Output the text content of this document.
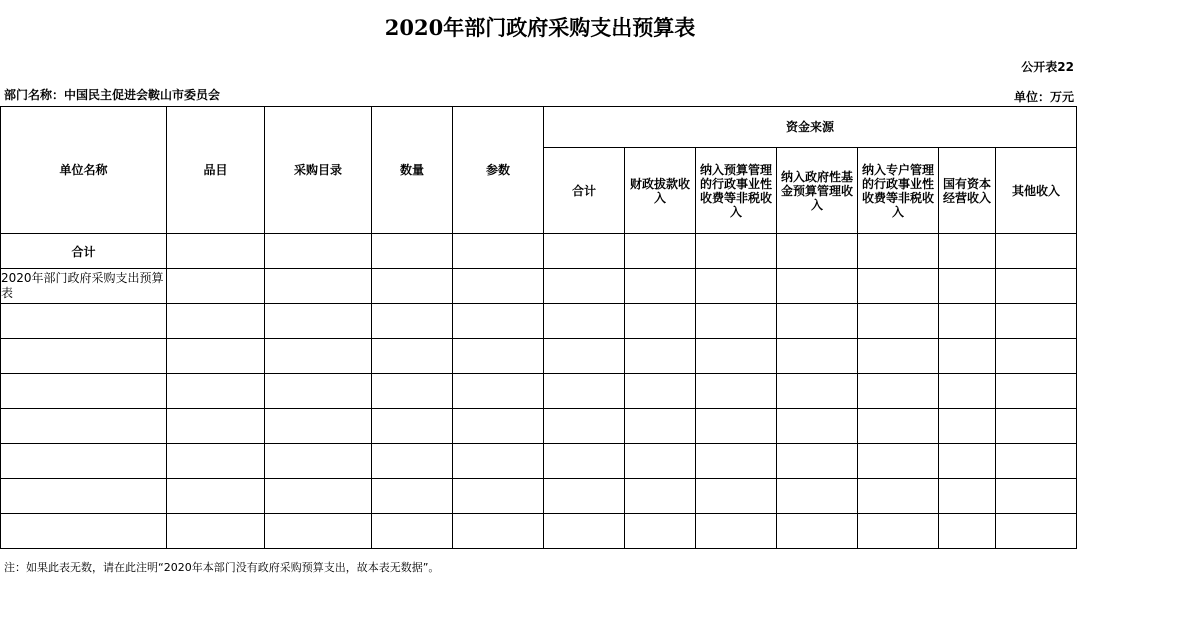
2020年部门政府采购支出预算表
公开表22
部门名称：中国民主促进会鞍山市委员会	单位：万元
单位名称	品目	采购目录	数量	参数	资金来源						
					合计	财政拔款收入	纳入预算管理的行政事业性收费等非税收入	纳入政府性基金预算管理收入	纳入专户管理的行政事业性收费等非税收入	国有资本经营收入	其他收入
合计											
2020年部门政府采购支出预算表											

注：如果此表无数，请在此注明“2020年本部门没有政府采购预算支出，故本表无数据”。
